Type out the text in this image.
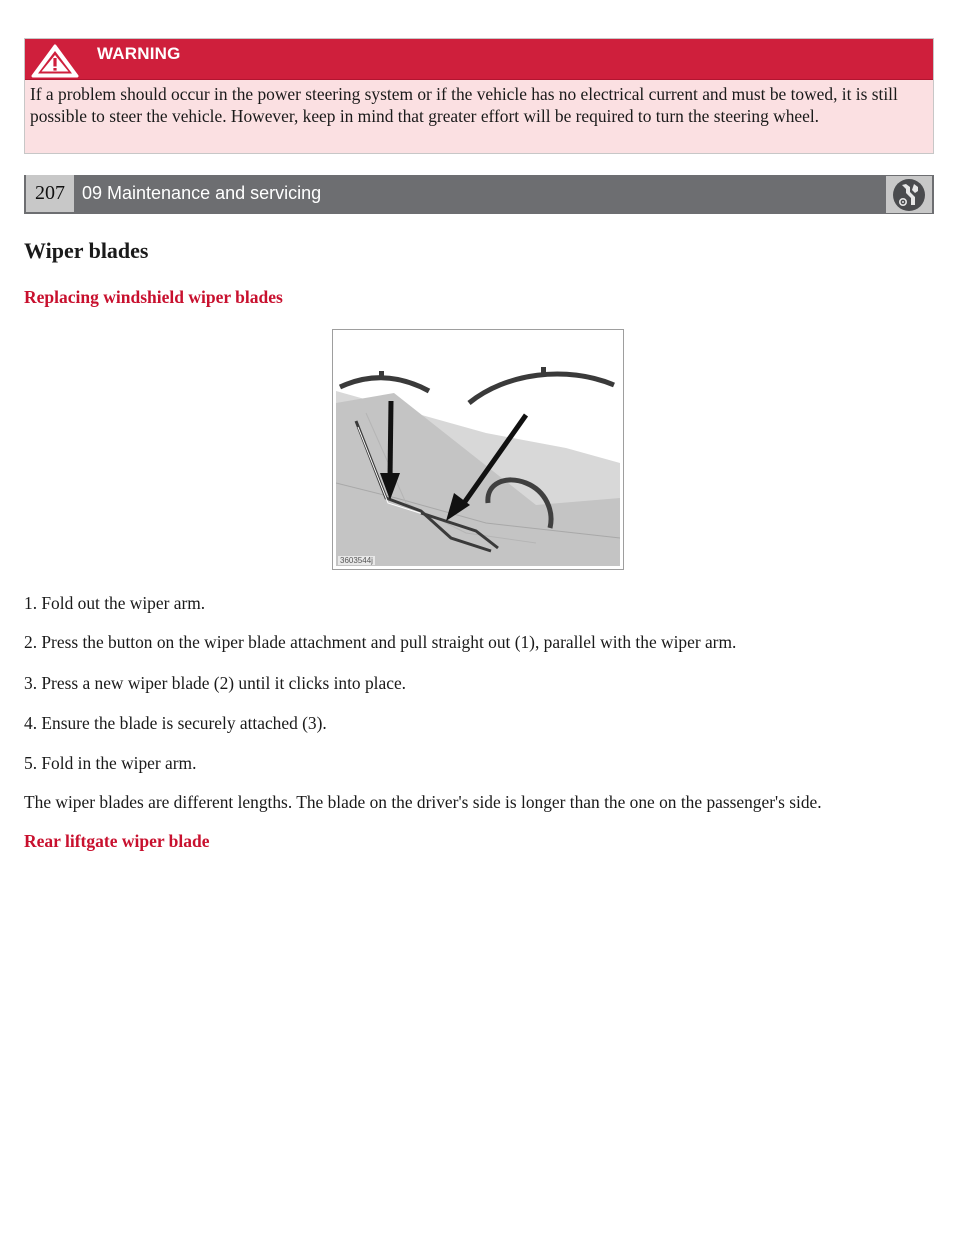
WARNING
If a problem should occur in the power steering system or if the vehicle has no electrical current and must be towed, it is still possible to steer the vehicle. However, keep in mind that greater effort will be required to turn the steering wheel.
207 09 Maintenance and servicing
Wiper blades
Replacing windshield wiper blades
3603544j

1. Fold out the wiper arm.

2. Press the button on the wiper blade attachment and pull straight out (1), parallel with the wiper arm.

3. Press a new wiper blade (2) until it clicks into place.

4. Ensure the blade is securely attached (3).

5. Fold in the wiper arm.

The wiper blades are different lengths. The blade on the driver's side is longer than the one on the passenger's side.

Rear liftgate wiper blade
